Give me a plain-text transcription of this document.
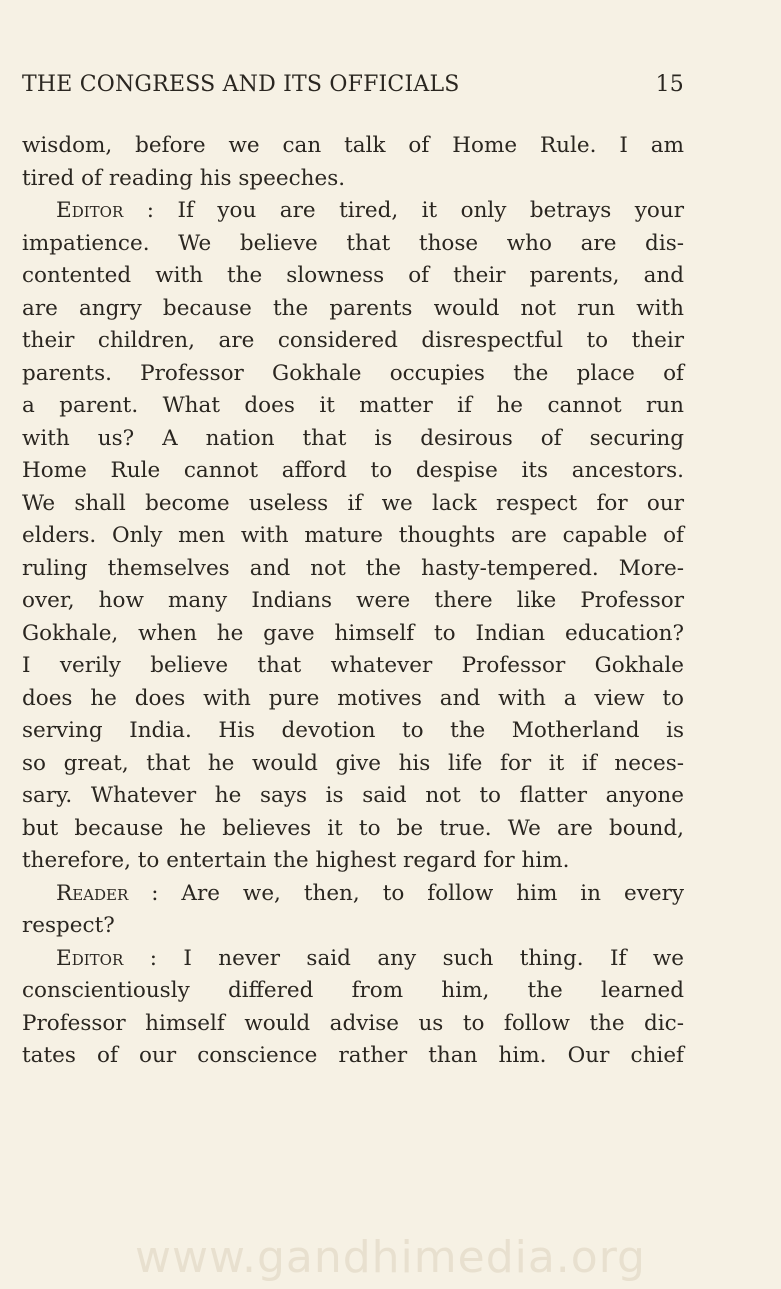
THE CONGRESS AND ITS OFFICIALS	15
wisdom, before we can talk of Home Rule. I am
tired of reading his speeches.
Editor : If you are tired, it only betrays your
impatience. We believe that those who are dis-
contented with the slowness of their parents, and
are angry because the parents would not run with
their children, are considered disrespectful to their
parents. Professor Gokhale occupies the place of
a parent. What does it matter if he cannot run
with us? A nation that is desirous of securing
Home Rule cannot afford to despise its ancestors.
We shall become useless if we lack respect for our
elders. Only men with mature thoughts are capable of
ruling themselves and not the hasty-tempered. More-
over, how many Indians were there like Professor
Gokhale, when he gave himself to Indian education?
I verily believe that whatever Professor Gokhale
does he does with pure motives and with a view to
serving India. His devotion to the Motherland is
so great, that he would give his life for it if neces-
sary. Whatever he says is said not to flatter anyone
but because he believes it to be true. We are bound,
therefore, to entertain the highest regard for him.
Reader : Are we, then, to follow him in every
respect?
Editor : I never said any such thing. If we
conscientiously differed from him, the learned
Professor himself would advise us to follow the dic-
tates of our conscience rather than him. Our chief
www.gandhimedia.org
